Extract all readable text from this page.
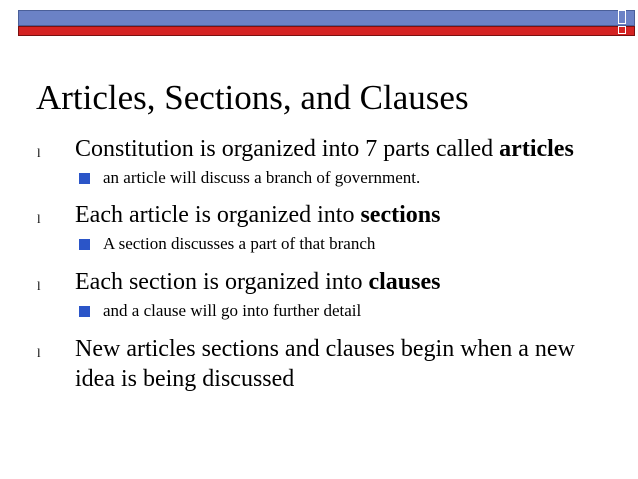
Articles, Sections, and Clauses
l Constitution is organized into 7 parts called articles
an article will discuss a branch of government.
l Each article is organized into sections
A section discusses a part of that branch
l Each section is organized into clauses
and a clause will go into further detail
l New articles sections and clauses begin when a new
idea is being discussed
